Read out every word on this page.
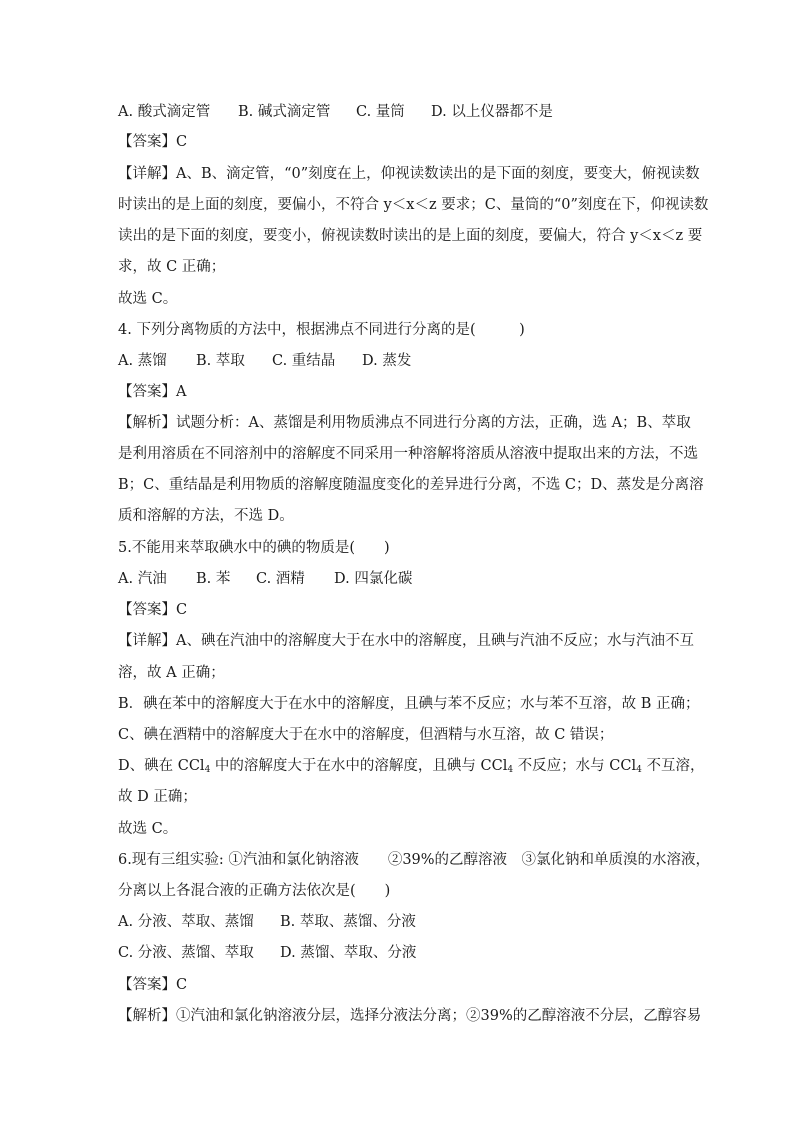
A. 酸式滴定管 B. 碱式滴定管 C. 量筒 D. 以上仪器都不是
【答案】C
【详解】A、B、滴定管，“0”刻度在上，仰视读数读出的是下面的刻度，要变大，俯视读数
时读出的是上面的刻度，要偏小，不符合 y＜x＜z 要求；C、量筒的“0”刻度在下，仰视读数
读出的是下面的刻度，要变小，俯视读数时读出的是上面的刻度，要偏大，符合 y＜x＜z 要
求，故 C 正确；
故选 C。
4. 下列分离物质的方法中，根据沸点不同进行分离的是(　　　)
A. 蒸馏 B. 萃取 C. 重结晶 D. 蒸发
【答案】A
【解析】试题分析：A、蒸馏是利用物质沸点不同进行分离的方法，正确，选 A；B、萃取
是利用溶质在不同溶剂中的溶解度不同采用一种溶解将溶质从溶液中提取出来的方法，不选
B；C、重结晶是利用物质的溶解度随温度变化的差异进行分离，不选 C；D、蒸发是分离溶
质和溶解的方法，不选 D。
5.不能用来萃取碘水中的碘的物质是(　　)
A. 汽油 B. 苯 C. 酒精 D. 四氯化碳
【答案】C
【详解】A、碘在汽油中的溶解度大于在水中的溶解度，且碘与汽油不反应；水与汽油不互
溶，故 A 正确；
B．碘在苯中的溶解度大于在水中的溶解度，且碘与苯不反应；水与苯不互溶，故 B 正确；
C、碘在酒精中的溶解度大于在水中的溶解度，但酒精与水互溶，故 C 错误；
D、碘在 CCl$_4$ 中的溶解度大于在水中的溶解度，且碘与 CCl$_4$ 不反应；水与 CCl$_4$ 不互溶，
故 D 正确；
故选 C。
6.现有三组实验: ①汽油和氯化钠溶液　　②39%的乙醇溶液　③氯化钠和单质溴的水溶液，
分离以上各混合液的正确方法依次是(　　)
A. 分液、萃取、蒸馏 B. 萃取、蒸馏、分液
C. 分液、蒸馏、萃取 D. 蒸馏、萃取、分液
【答案】C
【解析】①汽油和氯化钠溶液分层，选择分液法分离；②39%的乙醇溶液不分层，乙醇容易
